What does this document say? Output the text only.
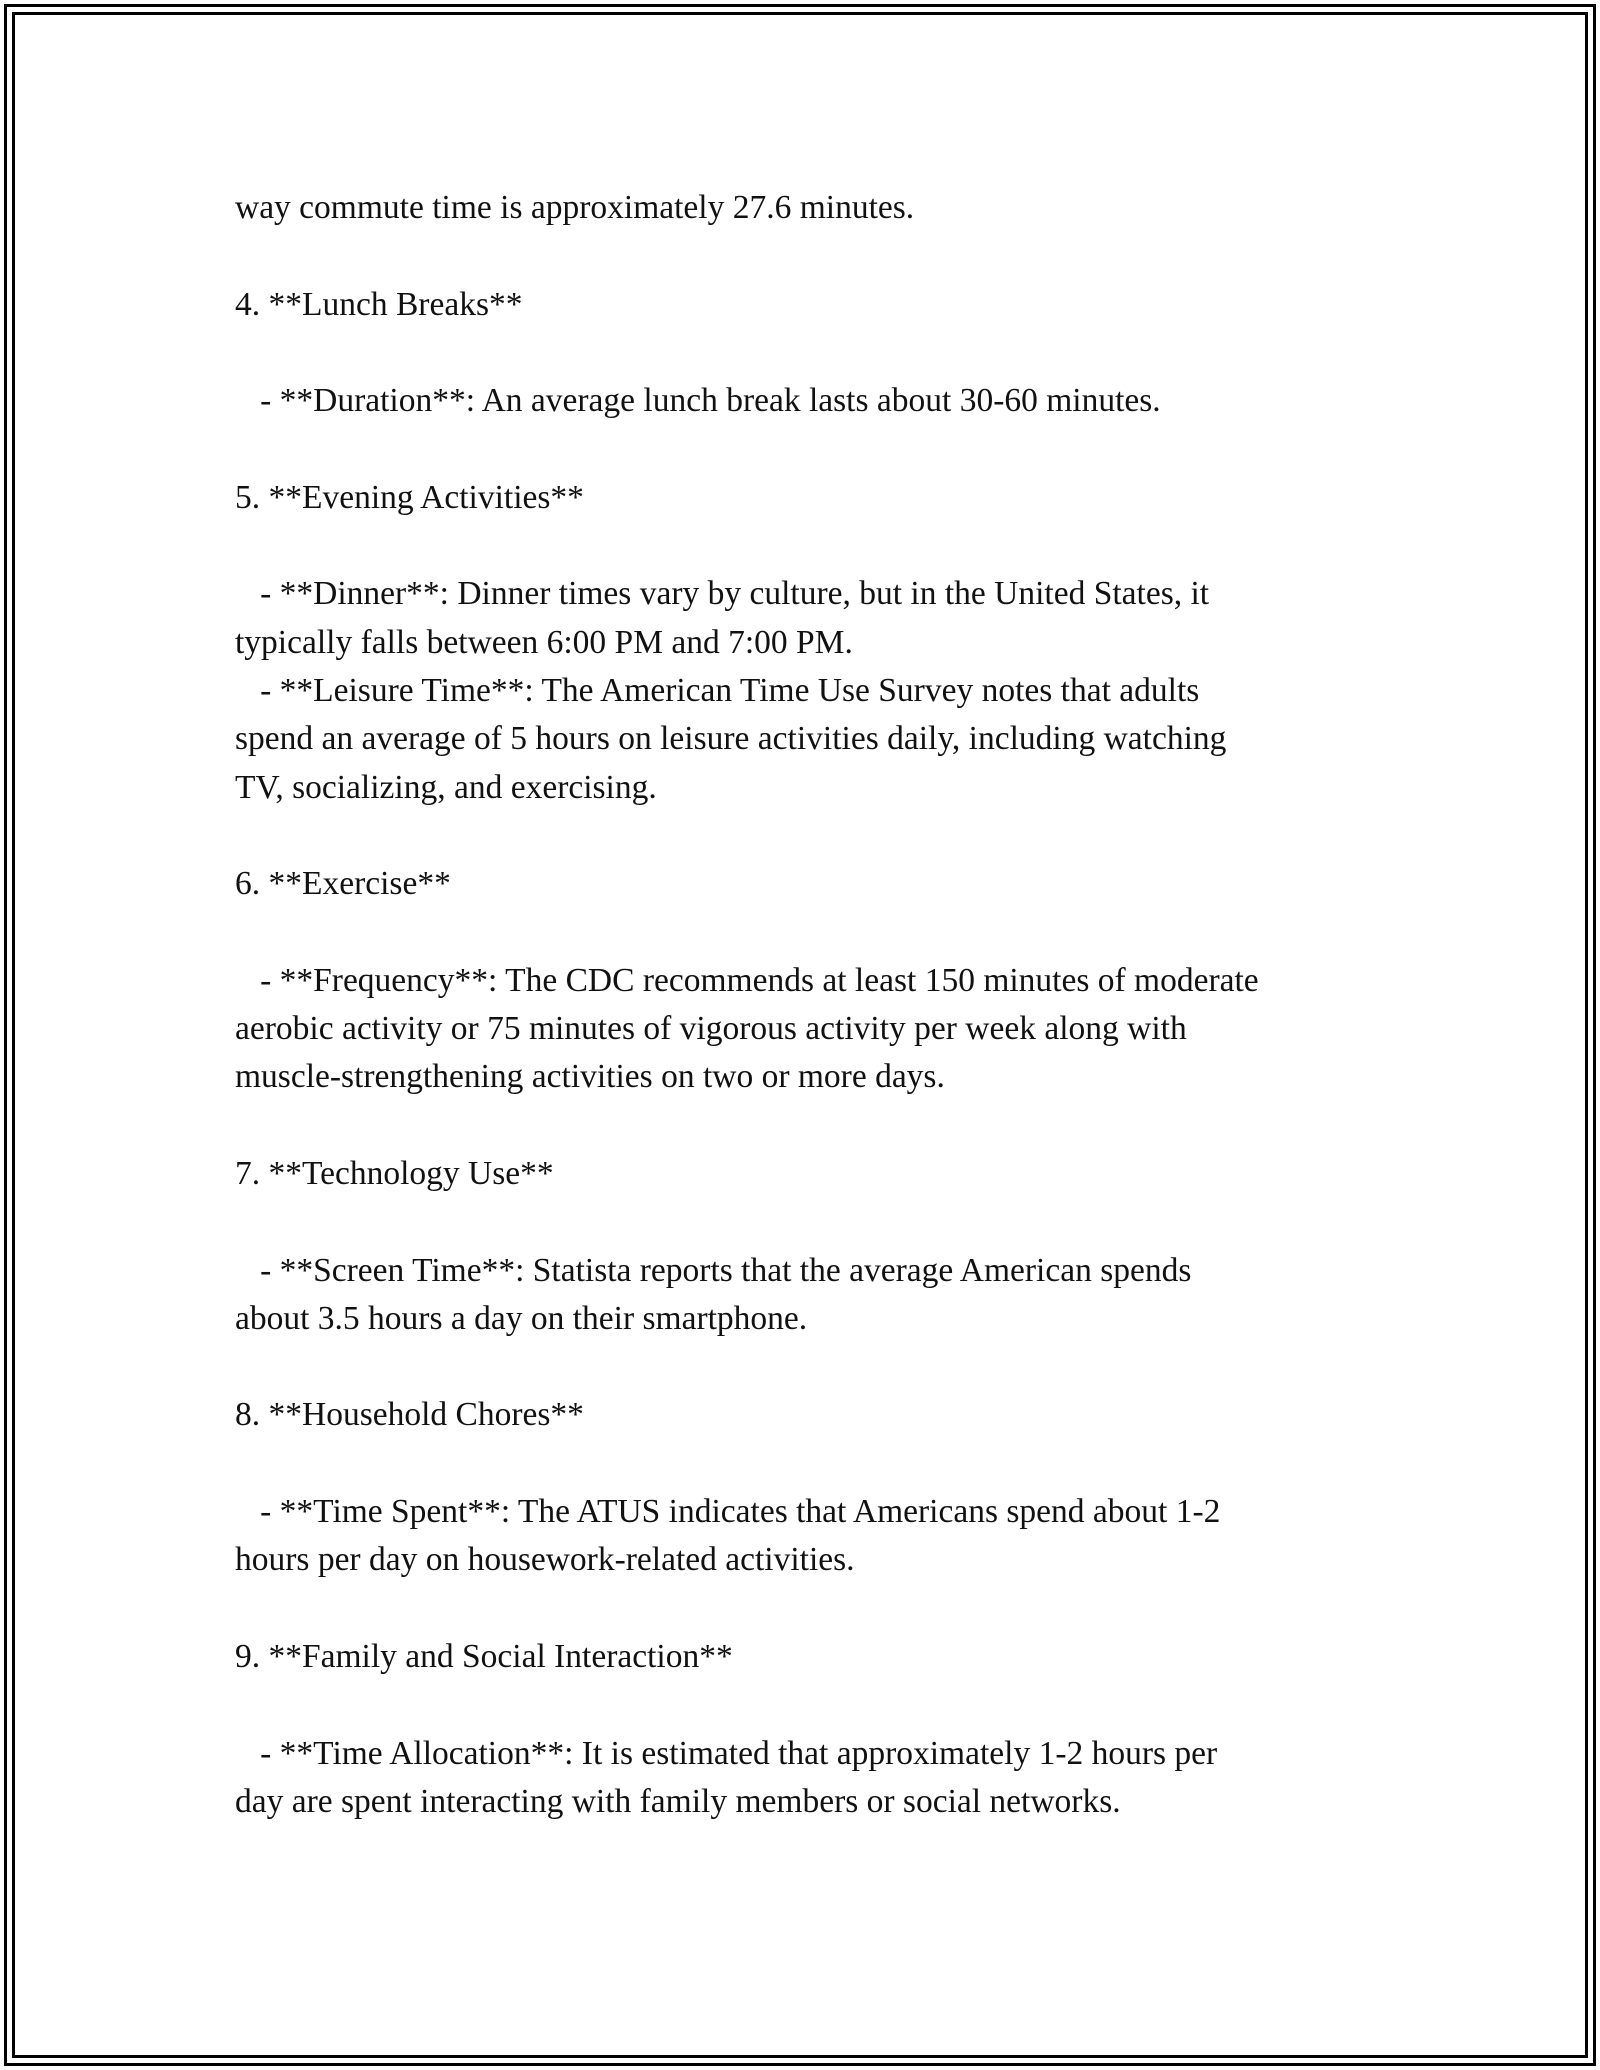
way commute time is approximately 27.6 minutes.

4. **Lunch Breaks**

- **Duration**: An average lunch break lasts about 30-60 minutes.

5. **Evening Activities**

- **Dinner**: Dinner times vary by culture, but in the United States, it

typically falls between 6:00 PM and 7:00 PM.

- **Leisure Time**: The American Time Use Survey notes that adults

spend an average of 5 hours on leisure activities daily, including watching

TV, socializing, and exercising.

6. **Exercise**

- **Frequency**: The CDC recommends at least 150 minutes of moderate

aerobic activity or 75 minutes of vigorous activity per week along with

muscle-strengthening activities on two or more days.

7. **Technology Use**

- **Screen Time**: Statista reports that the average American spends

about 3.5 hours a day on their smartphone.

8. **Household Chores**

- **Time Spent**: The ATUS indicates that Americans spend about 1-2

hours per day on housework-related activities.

9. **Family and Social Interaction**

- **Time Allocation**: It is estimated that approximately 1-2 hours per

day are spent interacting with family members or social networks.
